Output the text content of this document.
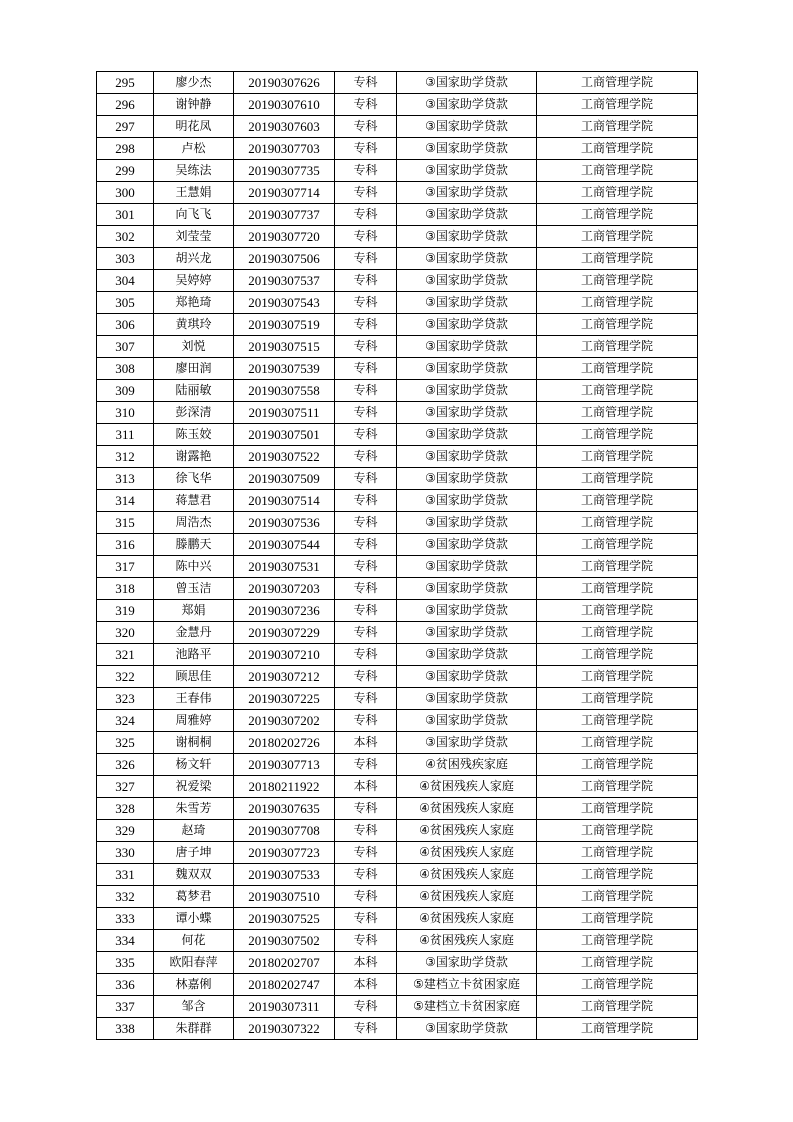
295	廖少杰	20190307626	专科	③国家助学贷款	工商管理学院
296	谢钟静	20190307610	专科	③国家助学贷款	工商管理学院
297	明花凤	20190307603	专科	③国家助学贷款	工商管理学院
298	卢松	20190307703	专科	③国家助学贷款	工商管理学院
299	吴练法	20190307735	专科	③国家助学贷款	工商管理学院
300	王慧娟	20190307714	专科	③国家助学贷款	工商管理学院
301	向飞飞	20190307737	专科	③国家助学贷款	工商管理学院
302	刘莹莹	20190307720	专科	③国家助学贷款	工商管理学院
303	胡兴龙	20190307506	专科	③国家助学贷款	工商管理学院
304	吴婷婷	20190307537	专科	③国家助学贷款	工商管理学院
305	郑艳琦	20190307543	专科	③国家助学贷款	工商管理学院
306	黄琪玲	20190307519	专科	③国家助学贷款	工商管理学院
307	刘悦	20190307515	专科	③国家助学贷款	工商管理学院
308	廖田润	20190307539	专科	③国家助学贷款	工商管理学院
309	陆丽敏	20190307558	专科	③国家助学贷款	工商管理学院
310	彭深清	20190307511	专科	③国家助学贷款	工商管理学院
311	陈玉姣	20190307501	专科	③国家助学贷款	工商管理学院
312	谢露艳	20190307522	专科	③国家助学贷款	工商管理学院
313	徐飞华	20190307509	专科	③国家助学贷款	工商管理学院
314	蒋慧君	20190307514	专科	③国家助学贷款	工商管理学院
315	周浩杰	20190307536	专科	③国家助学贷款	工商管理学院
316	滕鹏天	20190307544	专科	③国家助学贷款	工商管理学院
317	陈中兴	20190307531	专科	③国家助学贷款	工商管理学院
318	曾玉洁	20190307203	专科	③国家助学贷款	工商管理学院
319	郑娟	20190307236	专科	③国家助学贷款	工商管理学院
320	金慧丹	20190307229	专科	③国家助学贷款	工商管理学院
321	池路平	20190307210	专科	③国家助学贷款	工商管理学院
322	顾思佳	20190307212	专科	③国家助学贷款	工商管理学院
323	王春伟	20190307225	专科	③国家助学贷款	工商管理学院
324	周雅婷	20190307202	专科	③国家助学贷款	工商管理学院
325	谢桐桐	20180202726	本科	③国家助学贷款	工商管理学院
326	杨文轩	20190307713	专科	④贫困残疾家庭	工商管理学院
327	祝爱梁	20180211922	本科	④贫困残疾人家庭	工商管理学院
328	朱雪芳	20190307635	专科	④贫困残疾人家庭	工商管理学院
329	赵琦	20190307708	专科	④贫困残疾人家庭	工商管理学院
330	唐子坤	20190307723	专科	④贫困残疾人家庭	工商管理学院
331	魏双双	20190307533	专科	④贫困残疾人家庭	工商管理学院
332	葛梦君	20190307510	专科	④贫困残疾人家庭	工商管理学院
333	谭小蝶	20190307525	专科	④贫困残疾人家庭	工商管理学院
334	何花	20190307502	专科	④贫困残疾人家庭	工商管理学院
335	欧阳春萍	20180202707	本科	③国家助学贷款	工商管理学院
336	林嘉俐	20180202747	本科	⑤建档立卡贫困家庭	工商管理学院
337	邹含	20190307311	专科	⑤建档立卡贫困家庭	工商管理学院
338	朱群群	20190307322	专科	③国家助学贷款	工商管理学院
